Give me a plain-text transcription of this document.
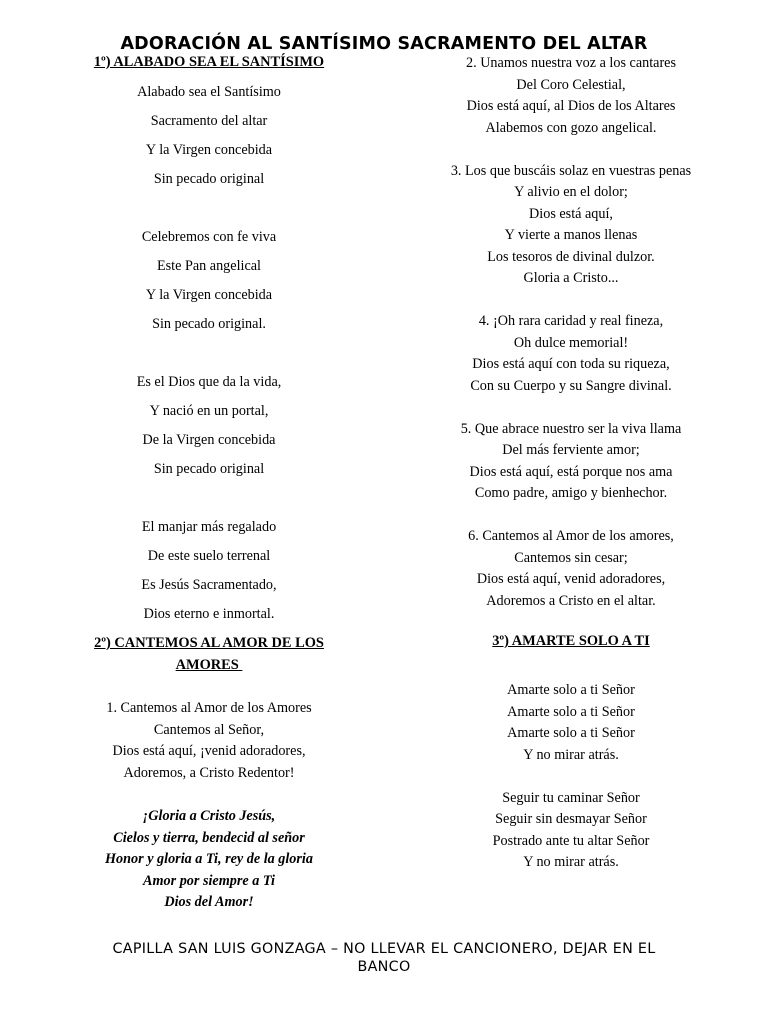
ADORACIÓN AL SANTÍSIMO SACRAMENTO DEL ALTAR
1º) ALABADO SEA EL SANTÍSIMO
Alabado sea el Santísimo
Sacramento del altar
Y la Virgen concebida
Sin pecado original
Celebremos con fe viva
Este Pan angelical
Y la Virgen concebida
Sin pecado original.
Es el Dios que da la vida,
Y nació en un portal,
De la Virgen concebida
Sin pecado original
El manjar más regalado
De este suelo terrenal
Es Jesús Sacramentado,
Dios eterno e inmortal.
2º) CANTEMOS AL AMOR DE LOS
AMORES
1. Cantemos al Amor de los Amores
Cantemos al Señor,
Dios está aquí, ¡venid adoradores,
Adoremos, a Cristo Redentor!
¡Gloria a Cristo Jesús,
Cielos y tierra, bendecid al señor
Honor y gloria a Ti, rey de la gloria
Amor por siempre a Ti
Dios del Amor!
2. Unamos nuestra voz a los cantares
Del Coro Celestial,
Dios está aquí, al Dios de los Altares
Alabemos con gozo angelical.
3. Los que buscáis solaz en vuestras penas
Y alivio en el dolor;
Dios está aquí,
Y vierte a manos llenas
Los tesoros de divinal dulzor.
Gloria a Cristo...
4. ¡Oh rara caridad y real fineza,
Oh dulce memorial!
Dios está aquí con toda su riqueza,
Con su Cuerpo y su Sangre divinal.
5. Que abrace nuestro ser la viva llama
Del más ferviente amor;
Dios está aquí, está porque nos ama
Como padre, amigo y bienhechor.
6. Cantemos al Amor de los amores,
Cantemos sin cesar;
Dios está aquí, venid adoradores,
Adoremos a Cristo en el altar.
3º) AMARTE SOLO A TI
Amarte solo a ti Señor
Amarte solo a ti Señor
Amarte solo a ti Señor
Y no mirar atrás.
Seguir tu caminar Señor
Seguir sin desmayar Señor
Postrado ante tu altar Señor
Y no mirar atrás.
CAPILLA SAN LUIS GONZAGA – NO LLEVAR EL CANCIONERO, DEJAR EN EL
BANCO
